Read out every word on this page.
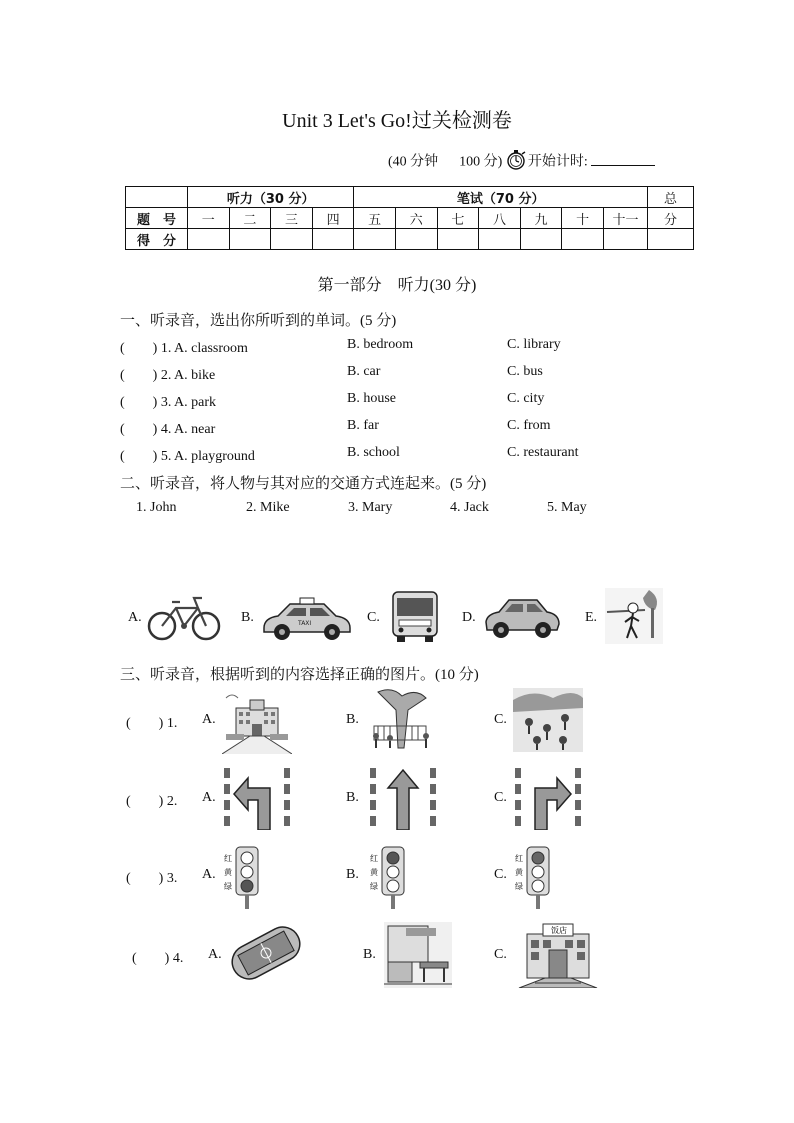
Unit 3 Let's Go!过关检测卷
(40 分钟 100 分) 开始计时:
	听力（30 分）				笔试（70 分）							总
题　号	一	二	三	四	五	六	七	八	九	十	十一	分
得　分												
第一部分　听力(30 分)
一、听录音，选出你所听到的单词。(5 分)
(　　) 1. A. classroom	B. bedroom	C. library
(　　) 2. A. bike	B. car	C. bus
(　　) 3. A. park	B. house	C. city
(　　) 4. A. near	B. far	C. from
(　　) 5. A. playground	B. school	C. restaurant
二、听录音，将人物与其对应的交通方式连起来。(5 分)
1. John	2. Mike	3. Mary	4. Jack	5. May
A.	B.	TAXI	C.	D.	E.
三、听录音，根据听到的内容选择正确的图片。(10 分)
(　　) 1. A.	B.	C.
(　　) 2. A.	B.	C.
(　　) 3. A.	B.	C.
红
黄
绿
红
黄
绿
红
黄
绿
(　　) 4. A.	B.	C.
饭店
